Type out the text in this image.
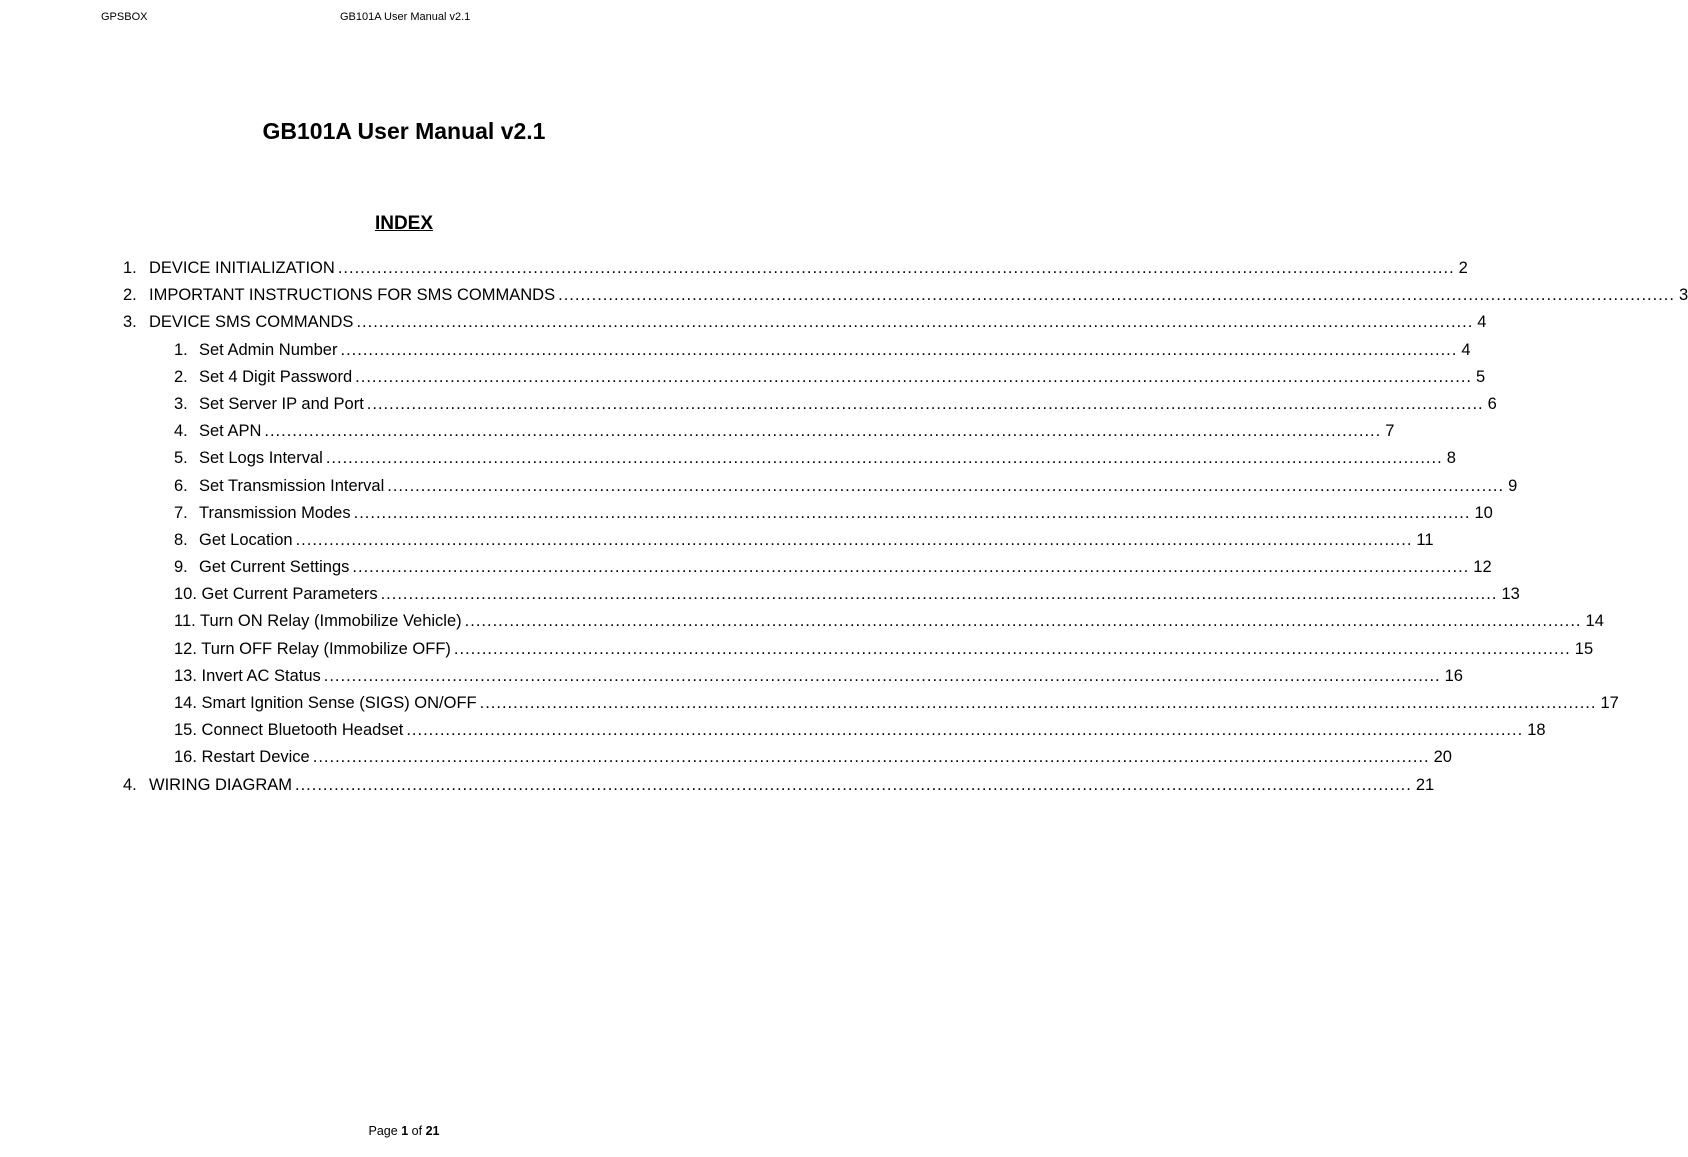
GPSBOX	GB101A User Manual v2.1
GB101A User Manual v2.1
INDEX
1. DEVICE INITIALIZATION ........................................................................................................................................................................................................ 2
2. IMPORTANT INSTRUCTIONS FOR SMS COMMANDS ........................................................................................................................................................................................................ 3
3. DEVICE SMS COMMANDS ........................................................................................................................................................................................................ 4
1. Set Admin Number ........................................................................................................................................................................................................ 4
2. Set 4 Digit Password ........................................................................................................................................................................................................ 5
3. Set Server IP and Port ........................................................................................................................................................................................................ 6
4. Set APN ........................................................................................................................................................................................................ 7
5. Set Logs Interval ........................................................................................................................................................................................................ 8
6. Set Transmission Interval ........................................................................................................................................................................................................ 9
7. Transmission Modes ........................................................................................................................................................................................................ 10
8. Get Location ........................................................................................................................................................................................................ 11
9. Get Current Settings ........................................................................................................................................................................................................ 12
10. Get Current Parameters ........................................................................................................................................................................................................ 13
11. Turn ON Relay (Immobilize Vehicle) ........................................................................................................................................................................................................ 14
12. Turn OFF Relay (Immobilize OFF) ........................................................................................................................................................................................................ 15
13. Invert AC Status ........................................................................................................................................................................................................ 16
14. Smart Ignition Sense (SIGS) ON/OFF ........................................................................................................................................................................................................ 17
15. Connect Bluetooth Headset ........................................................................................................................................................................................................ 18
16. Restart Device ........................................................................................................................................................................................................ 20
4. WIRING DIAGRAM ........................................................................................................................................................................................................ 21
Page 1 of 21
